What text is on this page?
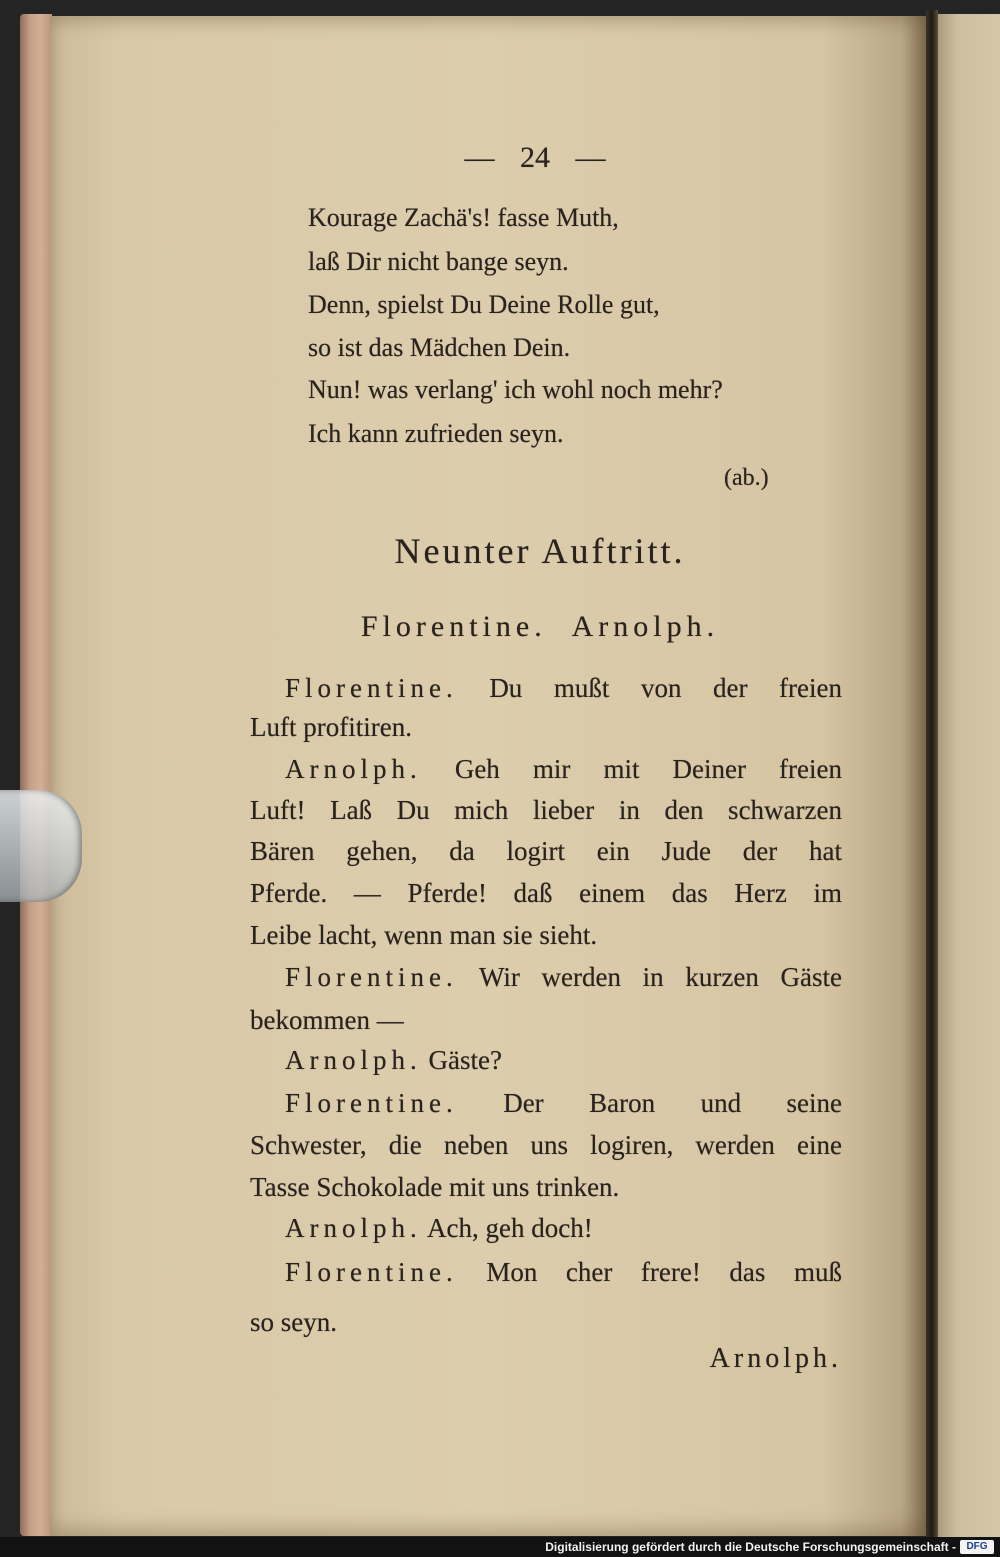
— 24 —
Kourage Zachä's! fasse Muth,
laß Dir nicht bange seyn.
Denn, spielst Du Deine Rolle gut,
so ist das Mädchen Dein.
Nun! was verlang' ich wohl noch mehr?
Ich kann zufrieden seyn.
(ab.)
Neunter Auftritt.
Florentine. Arnolph.
Florentine. Du mußt von der freien
Luft profitiren.
Arnolph. Geh mir mit Deiner freien
Luft! Laß Du mich lieber in den schwarzen
Bären gehen, da logirt ein Jude der hat
Pferde. — Pferde! daß einem das Herz im
Leibe lacht, wenn man sie sieht.
Florentine. Wir werden in kurzen Gäste
bekommen —
Arnolph. Gäste?
Florentine. Der Baron und seine
Schwester, die neben uns logiren, werden eine
Tasse Schokolade mit uns trinken.
Arnolph. Ach, geh doch!
Florentine. Mon cher frere! das muß
so seyn.
Arnolph.
Digitalisierung gefördert durch die Deutsche Forschungsgemeinschaft -	DFG
